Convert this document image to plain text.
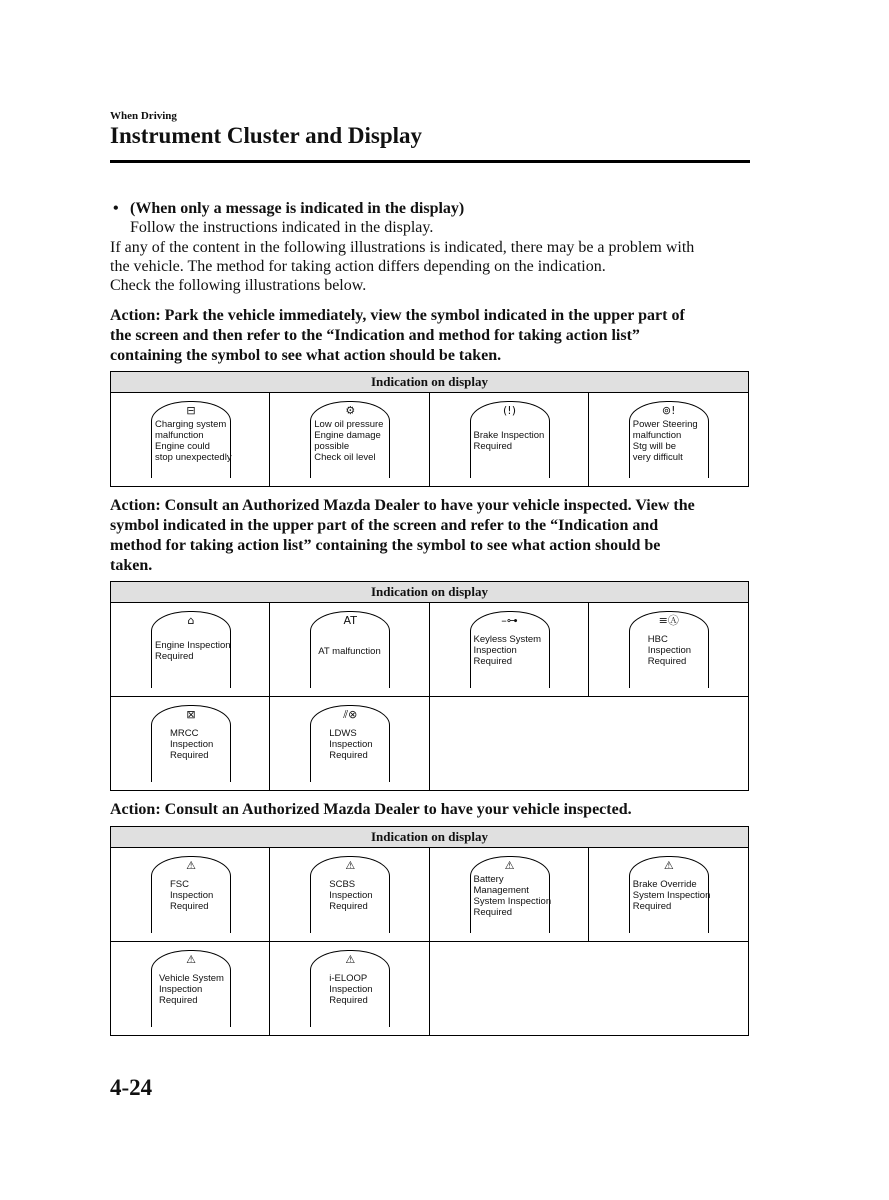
When Driving
Instrument Cluster and Display
• (When only a message is indicated in the display)
Follow the instructions indicated in the display.
If any of the content in the following illustrations is indicated, there may be a problem with
the vehicle. The method for taking action differs depending on the indication.
Check the following illustrations below.
Action: Park the vehicle immediately, view the symbol indicated in the upper part of
the screen and then refer to the “Indication and method for taking action list”
containing the symbol to see what action should be taken.
Indication on display
⊟
Charging system
malfunction
Engine could
stop unexpectedly
⚙
Low oil pressure
Engine damage
possible
Check oil level
(!)
Brake Inspection
Required
⊚!
Power Steering
malfunction
Stg will be
very difficult
Action: Consult an Authorized Mazda Dealer to have your vehicle inspected. View the
symbol indicated in the upper part of the screen and refer to the “Indication and
method for taking action list” containing the symbol to see what action should be
taken.
Indication on display
⌂
Engine Inspection
Required
AT
AT malfunction
–⊶
Keyless System
Inspection
Required
≡Ⓐ
HBC
Inspection
Required
⊠
MRCC
Inspection
Required
⫽⊗
LDWS
Inspection
Required
Action: Consult an Authorized Mazda Dealer to have your vehicle inspected.
Indication on display
⚠
FSC
Inspection
Required
⚠
SCBS
Inspection
Required
⚠
Battery
Management
System Inspection
Required
⚠
Brake Override
System Inspection
Required
⚠
Vehicle System
Inspection
Required
⚠
i-ELOOP
Inspection
Required
4-24
